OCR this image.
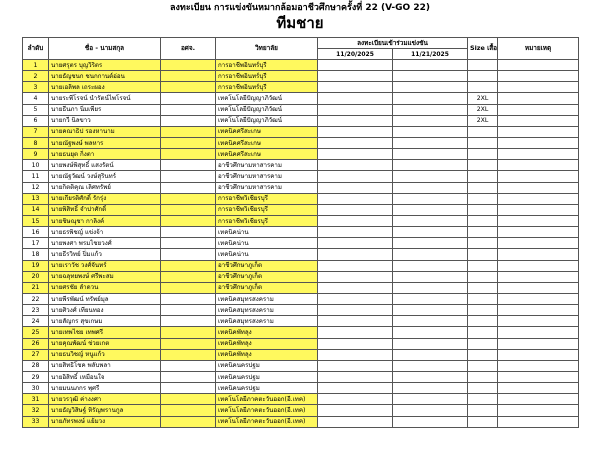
ลงทะเบียน การแข่งขันหมากล้อมอาชีวศึกษาครั้งที่ 22 (V-GO 22)
ทีมชาย
ลำดับ	ชื่อ - นามสกุล	อศจ.	วิทยาลัย	ลงทะเบียนเข้าร่วมแข่งขัน		Size เสื้อ	หมายเหตุ
				11/20/2025	11/21/2025		
1	นายศรุตร บุญวิริตร		การอาชีพอินทร์บุรี				
2	นายธัญชนก ชนกกานต์อ่อน		การอาชีพอินทร์บุรี				
3	นายเอลิพล เถระผอง		การอาชีพอินทร์บุรี				
4	นายระพีโรจน์ นำรัตน์ไพโรจน์		เทคโนโลยีปัญญาภิวัฒน์			2XL	
5	นายธีนภา นิ่มเพียร		เทคโนโลยีปัญญาภิวัฒน์			2XL	
6	นายกวี นิลขาว		เทคโนโลยีปัญญาภิวัฒน์			2XL	
7	นายคณาธิป รองหานาม		เทคนิคศรีสะเกษ				
8	นายณัฐพงษ์ พลหาร		เทคนิคศรีสะเกษ				
9	นายธนยุต กิ่งตา		เทคนิคศรีสะเกษ				
10	นายพงษ์พิสุทธิ์ แสงรัตน์		อาชีวศึกษามหาสารคาม				
11	นายณัฐวัฒน์ วงษ์สุรินทร์		อาชีวศึกษามหาสารคาม				
12	นายกิตติคุณ เลิศทรัพย์		อาชีวศึกษามหาสารคาม				
13	นายเกียรติศักดิ์ รักรุ่ง		การอาชีพวิเชียรบุรี				
14	นายพิสิทธิ์ จำปาศักดิ์		การอาชีพวิเชียรบุรี				
15	นายชิษณุชา กาลิงค์		การอาชีพวิเชียรบุรี				
16	นายธรพิชญ์ แข่งจ้า		เทคนิคน่าน				
17	นายพงศา พรมไชยวงศ์		เทคนิคน่าน				
18	นายธีรวิทย์ ปิ่มแก้ว		เทคนิคน่าน				
19	นายเราวัช วงศ์จันทร์		อาชีวศึกษาภูเก็ต				
20	นายฉลุทยพงษ์ ศรีพะสม		อาชีวศึกษาภูเก็ต				
21	นายศรชัย ลำดวน		อาชีวศึกษาภูเก็ต				
22	นายพีรพัฒน์ ทรัพย์มุล		เทคนิคสมุทรสงคราม				
23	นายศิวงศ์ เทียนทอง		เทคนิคสมุทรสงคราม				
24	นายสัญกร สุขเกษม		เทคนิคสมุทรสงคราม				
25	นายเทพไชย เทพศรี		เทคนิคพัทลุง				
26	นายคุณพัฒน์ ช่วยเกต		เทคนิคพัทลุง				
27	นายธนวิชญ์ หนูแก้ว		เทคนิคพัทลุง				
28	นายสิทธิโชค พลับพลา		เทคนิคนครปฐม				
29	นายอิสิทธิ์ เหมือนใจ		เทคนิคนครปฐม				
30	นายมนนภกร พุศรี		เทคนิคนครปฐม				
31	นายวรวุฒิ ค่างงศา		เทคโนโลยีภาคตะวันออก(อี.เทค)				
32	นายธัญวิสิษฐ์ หิรัญพรานกูล		เทคโนโลยีภาคตะวันออก(อี.เทค)				
33	นายภัทรพงษ์ แย้มวง		เทคโนโลยีภาคตะวันออก(อี.เทค)				
